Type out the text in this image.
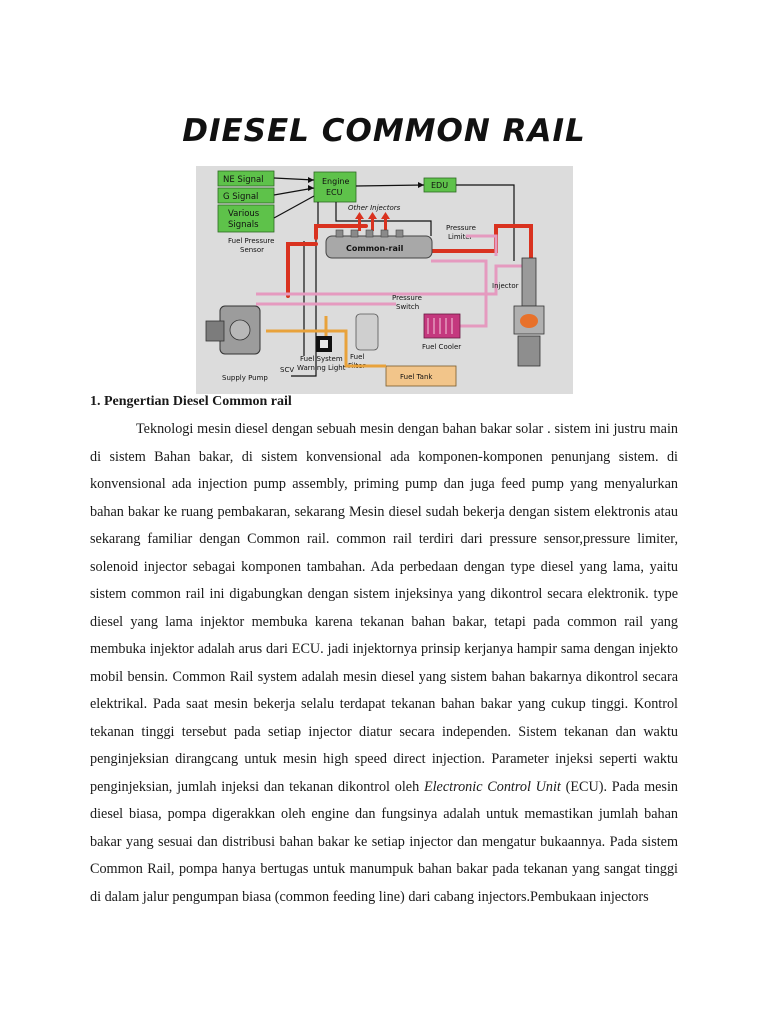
DIESEL COMMON RAIL
NE Signal
G Signal
Various
Signals
Engine
ECU
EDU
Other Injectors
Fuel Pressure
Sensor	Common-rail
Pressure
Limiter
Injector
Pressure
Switch
Fuel
Filter
Fuel Cooler
Fuel Tank
Fuel System
Warning Light
Supply Pump
SCV
1. Pengertian Diesel Common rail

Teknologi mesin diesel dengan sebuah mesin dengan bahan bakar solar . sistem ini justru main di sistem Bahan bakar, di sistem konvensional ada komponen-komponen penunjang sistem. di konvensional ada injection pump assembly, priming pump dan juga feed pump yang menyalurkan bahan bakar ke ruang pembakaran, sekarang Mesin diesel sudah bekerja dengan sistem elektronis atau sekarang familiar dengan Common rail. common rail terdiri dari pressure sensor,pressure limiter, solenoid injector sebagai komponen tambahan. Ada perbedaan dengan type diesel yang lama, yaitu sistem common rail ini digabungkan dengan sistem injeksinya yang dikontrol secara elektronik. type diesel yang lama injektor membuka karena tekanan bahan bakar, tetapi pada common rail yang membuka injektor adalah arus dari ECU. jadi injektornya prinsip kerjanya hampir sama dengan injekto mobil bensin. Common Rail system adalah mesin diesel yang sistem bahan bakarnya dikontrol secara elektrikal. Pada saat mesin bekerja selalu terdapat tekanan bahan bakar yang cukup tinggi. Kontrol tekanan tinggi tersebut pada setiap injector diatur secara independen. Sistem tekanan dan waktu penginjeksian dirangcang untuk mesin high speed direct injection. Parameter injeksi seperti waktu penginjeksian, jumlah injeksi dan tekanan dikontrol oleh Electronic Control Unit (ECU). Pada mesin diesel biasa, pompa digerakkan oleh engine dan fungsinya adalah untuk memastikan jumlah bahan bakar yang sesuai dan distribusi bahan bakar ke setiap injector dan mengatur bukaannya. Pada sistem Common Rail, pompa hanya bertugas untuk manumpuk bahan bakar pada tekanan yang sangat tinggi di dalam jalur pengumpan biasa (common feeding line) dari cabang injectors.Pembukaan injectors
